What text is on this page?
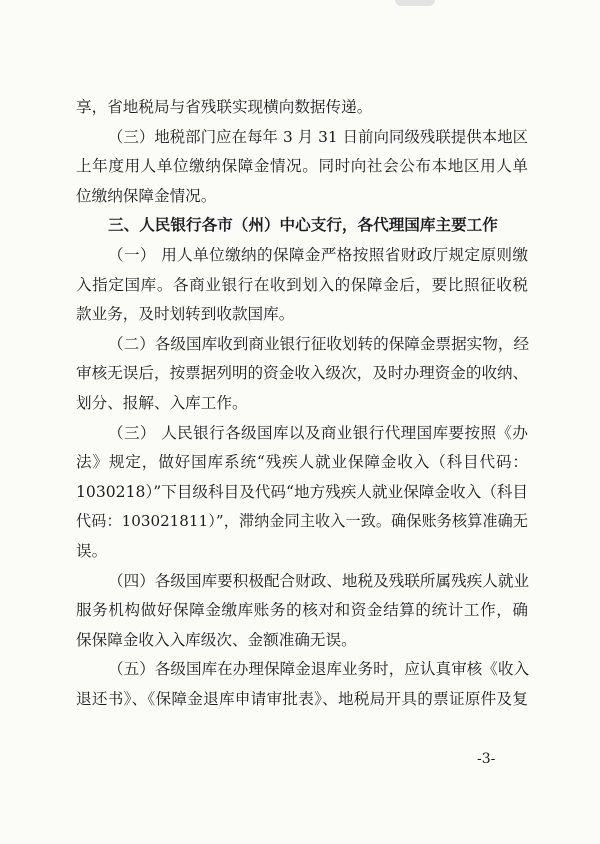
享，省地税局与省残联实现横向数据传递。
（三）地税部门应在每年 3 月 31 日前向同级残联提供本地区
上年度用人单位缴纳保障金情况。同时向社会公布本地区用人单
位缴纳保障金情况。
三、人民银行各市（州）中心支行，各代理国库主要工作
（一） 用人单位缴纳的保障金严格按照省财政厅规定原则缴
入指定国库。各商业银行在收到划入的保障金后，要比照征收税
款业务，及时划转到收款国库。
（二）各级国库收到商业银行征收划转的保障金票据实物，经
审核无误后，按票据列明的资金收入级次，及时办理资金的收纳、
划分、报解、入库工作。
（三） 人民银行各级国库以及商业银行代理国库要按照《办
法》规定，做好国库系统“残疾人就业保障金收入（科目代码：
1030218）”下目级科目及代码“地方残疾人就业保障金收入（科目
代码：103021811）”，滞纳金同主收入一致。确保账务核算准确无
误。
（四）各级国库要积极配合财政、地税及残联所属残疾人就业
服务机构做好保障金缴库账务的核对和资金结算的统计工作，确
保保障金收入入库级次、金额准确无误。
（五）各级国库在办理保障金退库业务时，应认真审核《收入
退还书》、《保障金退库申请审批表》、地税局开具的票证原件及复
-3-
